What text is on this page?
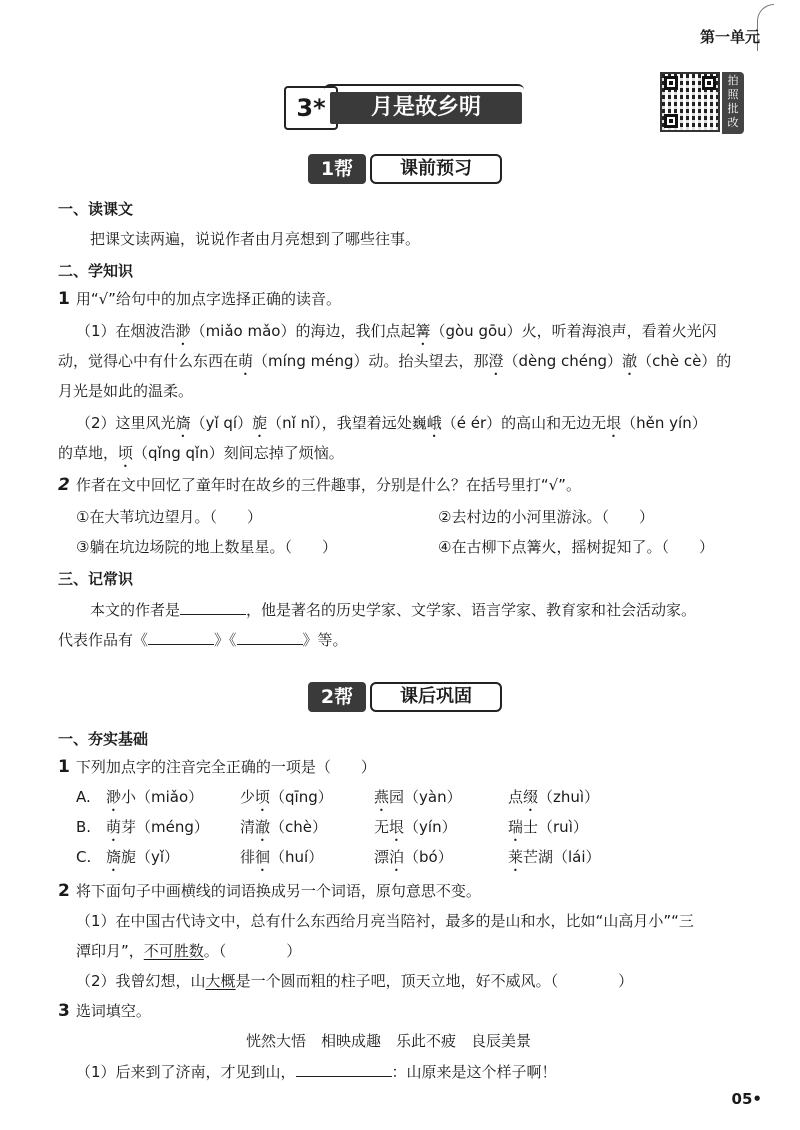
第一单元
拍照批改
3*	月是故乡明
1帮	课前预习
一、读课文
把课文读两遍，说说作者由月亮想到了哪些往事。
二、学知识
1 用“√”给句中的加点字选择正确的读音。
（1）在烟波浩渺（miǎo mǎo）的海边，我们点起篝（gòu gōu）火，听着海浪声，看着火光闪
动，觉得心中有什么东西在萌（míng méng）动。抬头望去，那澄（dèng chéng）澈（chè cè）的
月光是如此的温柔。
（2）这里风光旖（yǐ qí）旎（nǐ nǐ），我望着远处巍峨（é ér）的高山和无边无垠（hěn yín）
的草地，顷（qǐng qǐn）刻间忘掉了烦恼。
2 作者在文中回忆了童年时在故乡的三件趣事，分别是什么？在括号里打“√”。
①在大苇坑边望月。（　　）	②去村边的小河里游泳。（　　）
③躺在坑边场院的地上数星星。（　　）	④在古柳下点篝火，摇树捉知了。（　　）
三、记常识
本文的作者是	，他是著名的历史学家、文学家、语言学家、教育家和社会活动家。
代表作品有《	》《	》等。
2帮	课后巩固
一、夯实基础
1 下列加点字的注音完全正确的一项是（　　）
A. 渺小（miǎo） 少顷（qīng）	燕园（yàn）	点缀（zhuì）
B. 萌芽（méng） 清澈（chè）	无垠（yín）	瑞士（ruì）
C. 旖旎（yǐ）	徘徊（huí）	漂泊（bó）	莱芒湖（lái）
2 将下面句子中画横线的词语换成另一个词语，原句意思不变。
（1）在中国古代诗文中，总有什么东西给月亮当陪衬，最多的是山和水，比如“山高月小”“三
潭印月”，不可胜数。（　　　　）
（2）我曾幻想，山大概是一个圆而粗的柱子吧，顶天立地，好不威风。（　　　　）
3 选词填空。
恍然大悟　相映成趣　乐此不疲　良辰美景
（1）后来到了济南，才见到山，	：山原来是这个样子啊！
05•
